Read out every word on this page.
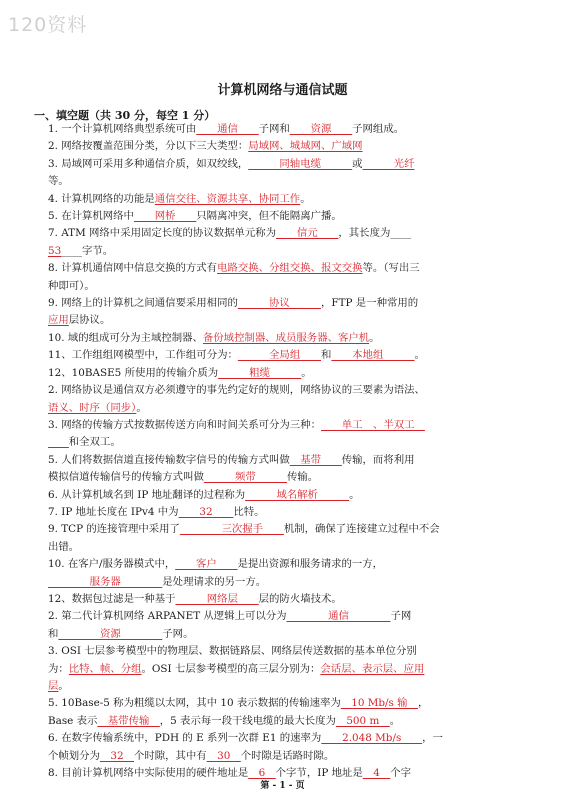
120资料
计算机网络与通信试题
一、填空题（共 30 分，每空 1 分）
1. 一个计算机网络典型系统可由____通信____子网和____资源____子网组成。
2. 网络按覆盖范围分类，分以下三大类型：局域网、城域网、广域网
3. 局域网可采用多种通信介质，如双绞线，______同轴电缆______或______光纤
等。
4. 计算机网络的功能是通信交往、资源共享、协同工作。
5. 在计算机网络中____网桥____只隔离冲突，但不能隔离广播。
7. ATM 网络中采用固定长度的协议数据单元称为____信元____，其长度为____
53____字节。
8. 计算机通信网中信息交换的方式有电路交换、分组交换、报文交换等。（写出三
种即可）。
9. 网络上的计算机之间通信要采用相同的______协议______，FTP 是一种常用的
应用层协议。
10. 域的组成可分为主域控制器、备份域控制器、成员服务器、客户机。
11、工作组组网模型中，工作组可分为：______全局组____和____本地组______。
12、10BASE5 所使用的传输介质为______粗缆______。
2. 网络协议是通信双方必须遵守的事先约定好的规则，网络协议的三要素为语法、
语义、时序（同步）。
3. 网络的传输方式按数据传送方向和时间关系可分为三种：____单工__、半双工__
____和全双工。
5. 人们将数据信道直接传输数字信号的传输方式叫做__基带____传输，而将利用
模拟信道传输信号的传输方式叫做______频带______传输。
6. 从计算机域名到 IP 地址翻译的过程称为______域名解析______。
7. IP 地址长度在 IPv4 中为____32____比特。
9. TCP 的连接管理中采用了________三次握手____机制，确保了连接建立过程中不会
出错。
10. 在客户/服务器模式中，____客户____是提出资源和服务请求的一方，
________服务器________是处理请求的另一方。
12、数据包过滤是一种基于______网络层____层的防火墙技术。
2. 第二代计算机网络 ARPANET 从逻辑上可以分为________通信________子网
和________资源________子网。
3. OSI 七层参考模型中的物理层、数据链路层、网络层传送数据的基本单位分别
为：比特、帧、分组。OSI 七层参考模型的高三层分别为：会话层、表示层、应用
层。
5. 10Base-5 称为粗缆以太网，其中 10 表示数据的传输速率为__10 Mb/s 输__，
Base 表示__基带传输__，5 表示每一段干线电缆的最大长度为__500 m__。
6. 在数字传输系统中，PDH 的 E 系列一次群 E1 的速率为____2.048 Mb/s____，一
个帧划分为__32__个时隙，其中有__30__个时隙是话路时隙。
8. 目前计算机网络中实际使用的硬件地址是__6__个字节，IP 地址是__4__个字
第 - 1 - 页
